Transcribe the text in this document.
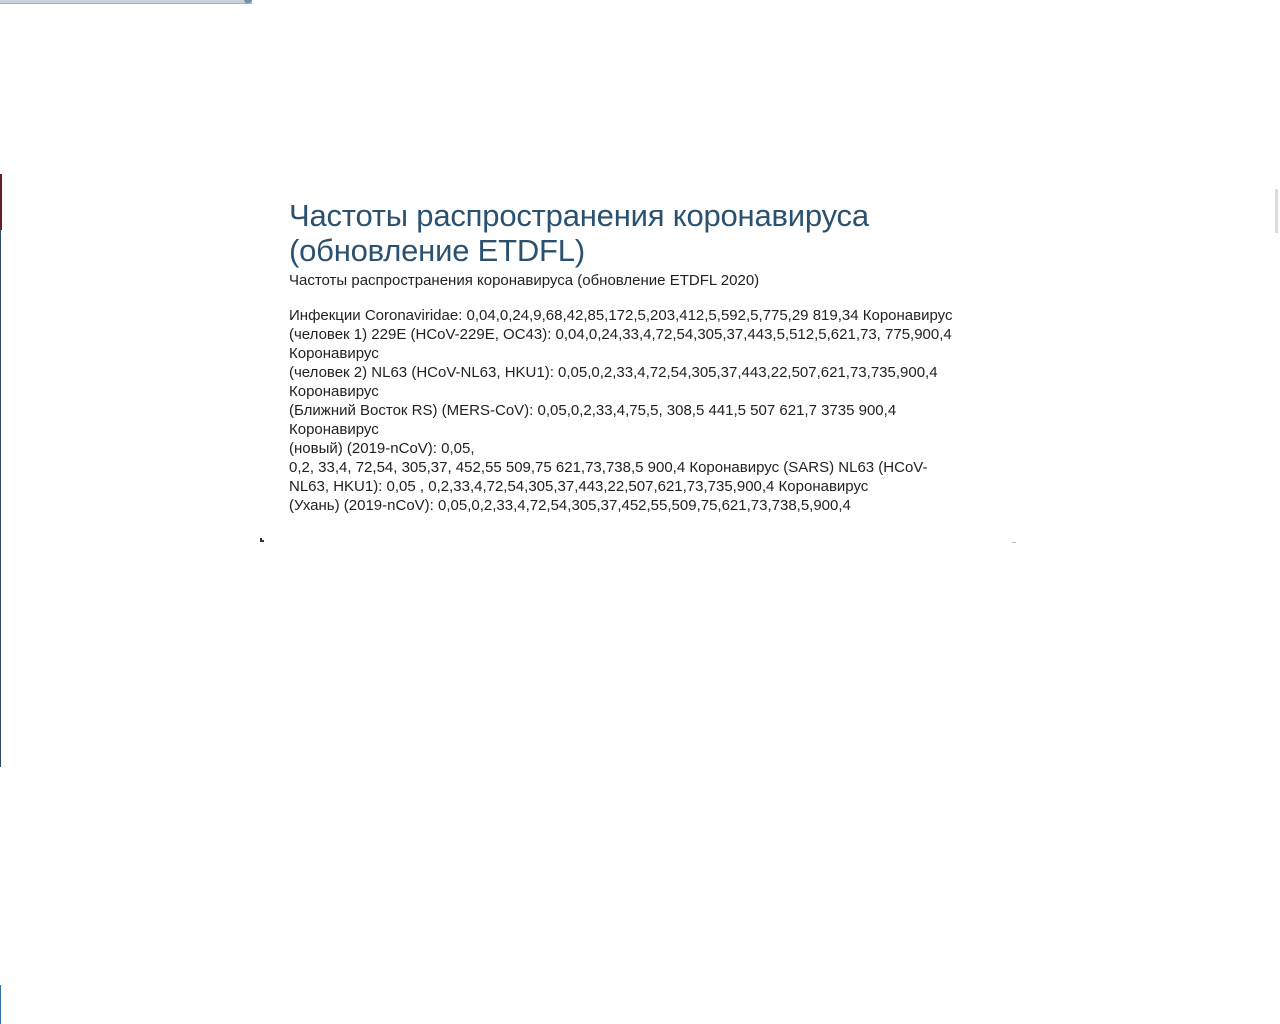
Частоты распространения коронавируса
(обновление ETDFL)

Частоты распространения коронавируса (обновление ETDFL 2020)

Инфекции Coronaviridae: 0,04,0,24,9,68,42,85,172,5,203,412,5,592,5,775,29 819,34 Коронавирус
(человек 1) 229E (HCoV-229E, OC43): 0,04,0,24,33,4,72,54,305,37,443,5,512,5,621,73, 775,900,4
Коронавирус
(человек 2) NL63 (HCoV-NL63, HKU1): 0,05,0,2,33,4,72,54,305,37,443,22,507,621,73,735,900,4
Коронавирус
(Ближний Восток RS) (MERS-CoV): 0,05,0,2,33,4,75,5, 308,5 441,5 507 621,7 3735 900,4
Коронавирус
(новый) (2019-nCoV): 0,05,
0,2, 33,4, 72,54, 305,37, 452,55 509,75 621,73,738,5 900,4 Коронавирус (SARS) NL63 (HCoV-
NL63, HKU1): 0,05 , 0,2,33,4,72,54,305,37,443,22,507,621,73,735,900,4 Коронавирус
(Ухань) (2019-nCoV): 0,05,0,2,33,4,72,54,305,37,452,55,509,75,621,73,738,5,900,4
